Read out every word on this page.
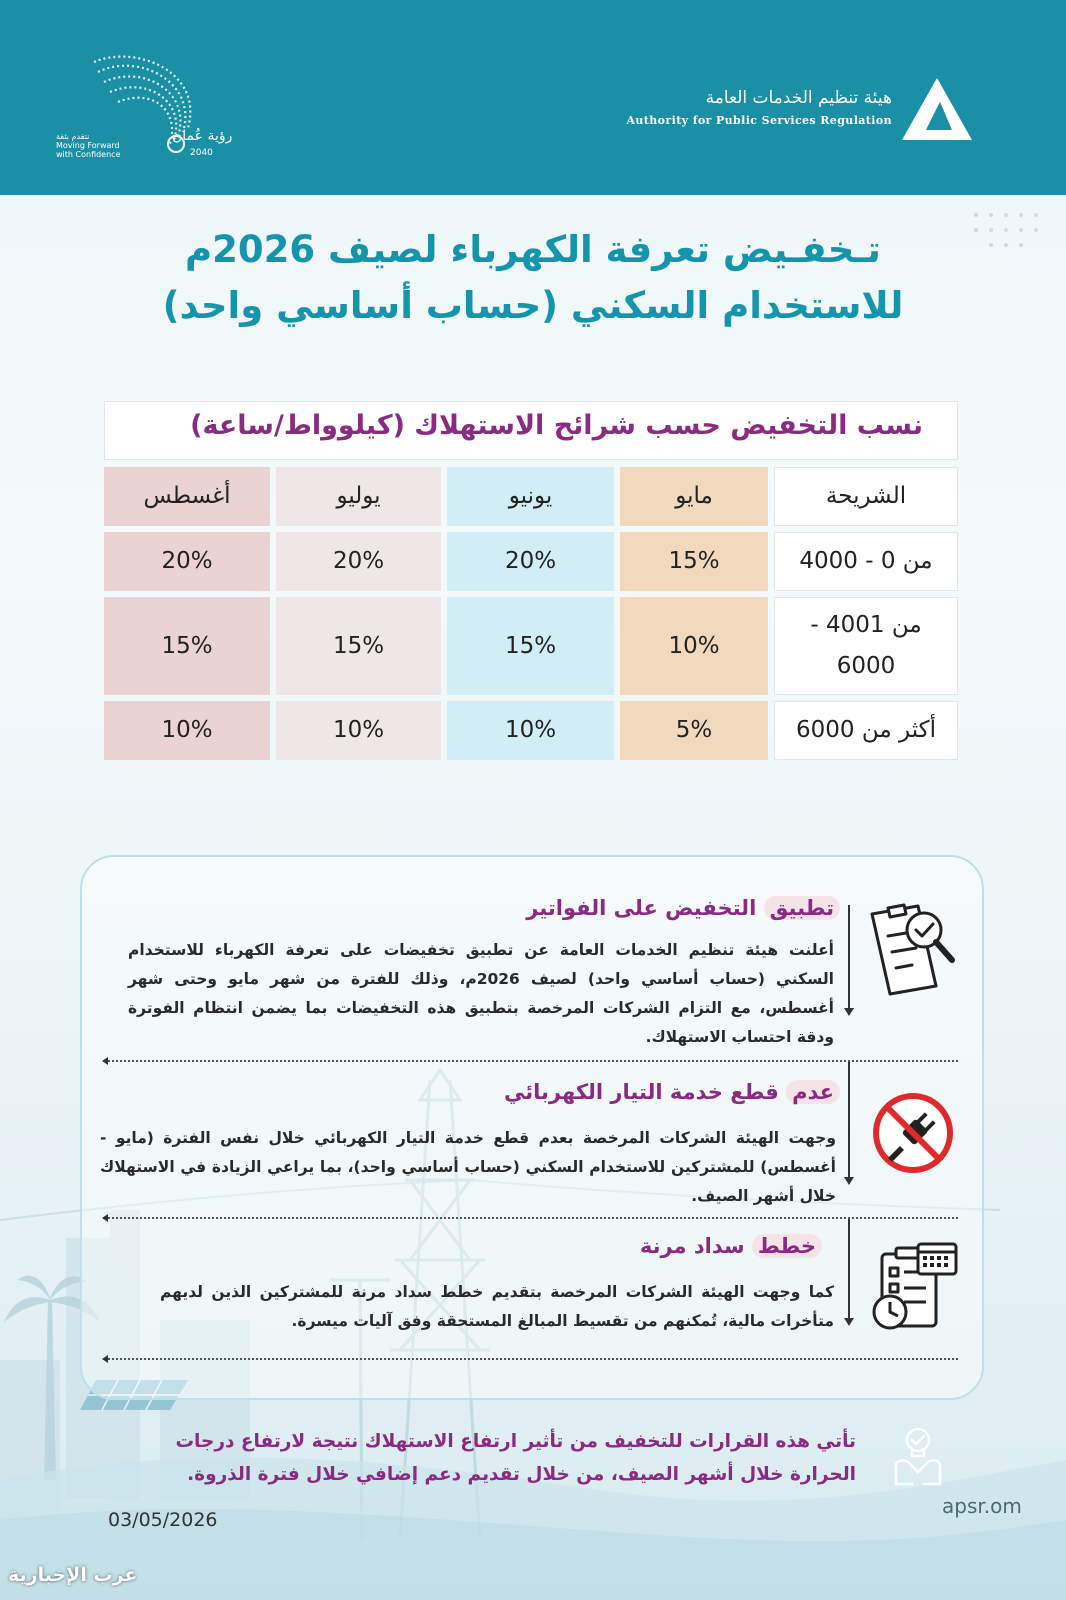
هيئة تنظيم الخدمات العامة
Authority for Public Services Regulation
رؤية عُمان
2040
نتقدم بثقة
Moving Forward
with Confidence
تـخفـيض تعرفة الكهرباء لصيف 2026م
للاستخدام السكني (حساب أساسي واحد)
نسب التخفيض حسب شرائح الاستهلاك (كيلوواط/ساعة)
الشريحة
مايو
يونيو
يوليو
أغسطس
من 0 - 4000
15%
20%
20%
20%
من 4001 - 6000
10%
15%
15%
15%
أكثر من 6000
5%
10%
10%
10%
تطبيق التخفيض على الفواتير
أعلنت هيئة تنظيم الخدمات العامة عن تطبيق تخفيضات على تعرفة الكهرباء للاستخدام السكني (حساب أساسي واحد) لصيف 2026م، وذلك للفترة من شهر مايو وحتى شهر أغسطس، مع التزام الشركات المرخصة بتطبيق هذه التخفيضات بما يضمن انتظام الفوترة ودقة احتساب الاستهلاك.
عدم قطع خدمة التيار الكهربائي
وجهت الهيئة الشركات المرخصة بعدم قطع خدمة التيار الكهربائي خلال نفس الفترة (مايو - أغسطس) للمشتركين للاستخدام السكني (حساب أساسي واحد)، بما يراعي الزيادة في الاستهلاك خلال أشهر الصيف.
خطط سداد مرنة
كما وجهت الهيئة الشركات المرخصة بتقديم خطط سداد مرنة للمشتركين الذين لديهم متأخرات مالية، تُمكنهم من تقسيط المبالغ المستحقة وفق آليات ميسرة.
تأتي هذه القرارات للتخفيف من تأثير ارتفاع الاستهلاك نتيجة لارتفاع درجات الحرارة خلال أشهر الصيف، من خلال تقديم دعم إضافي خلال فترة الذروة.
apsr.om
03/05/2026
عرب الإخبارية
